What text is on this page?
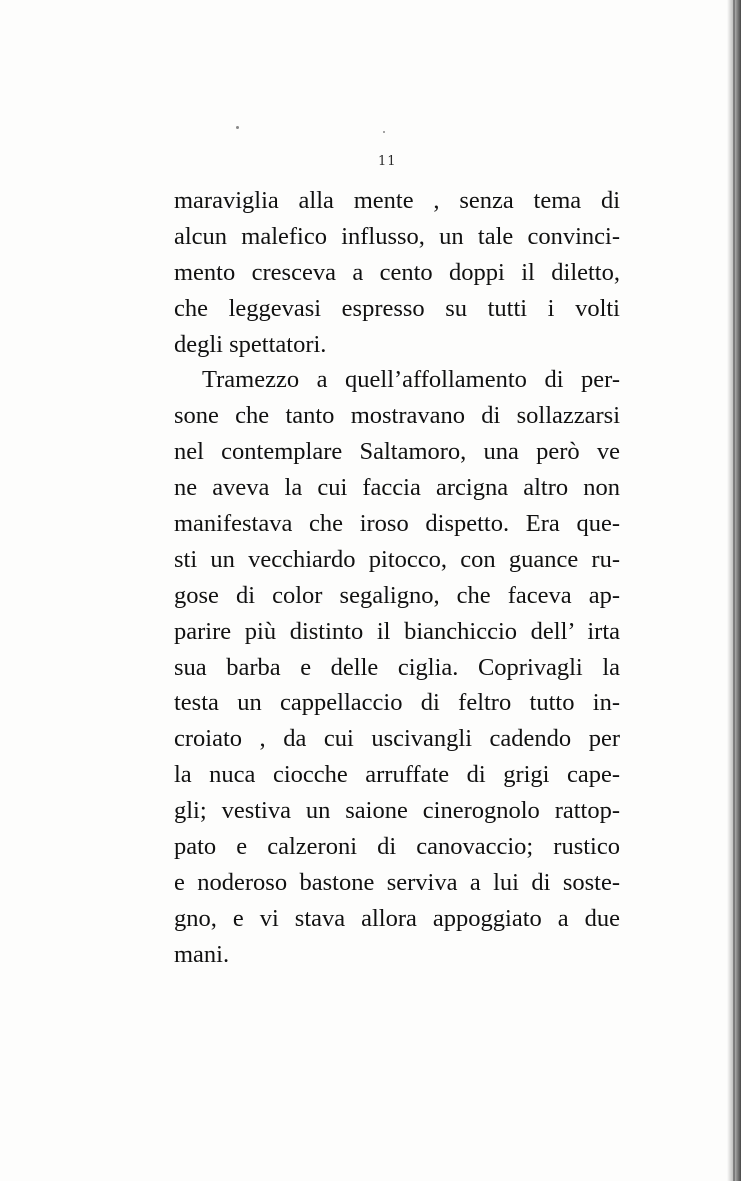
11
maraviglia alla mente , senza tema di
alcun malefico influsso, un tale convinci-
mento cresceva a cento doppi il diletto,
che leggevasi espresso su tutti i volti
degli spettatori.
Tramezzo a quell’affollamento di per-
sone che tanto mostravano di sollazzarsi
nel contemplare Saltamoro, una però ve
ne aveva la cui faccia arcigna altro non
manifestava che iroso dispetto. Era que-
sti un vecchiardo pitocco, con guance ru-
gose di color segaligno, che faceva ap-
parire più distinto il bianchiccio dell’ irta
sua barba e delle ciglia. Coprivagli la
testa un cappellaccio di feltro tutto in-
croiato , da cui uscivangli cadendo per
la nuca ciocche arruffate di grigi cape-
gli; vestiva un saione cinerognolo rattop-
pato e calzeroni di canovaccio; rustico
e noderoso bastone serviva a lui di soste-
gno, e vi stava allora appoggiato a due
mani.
